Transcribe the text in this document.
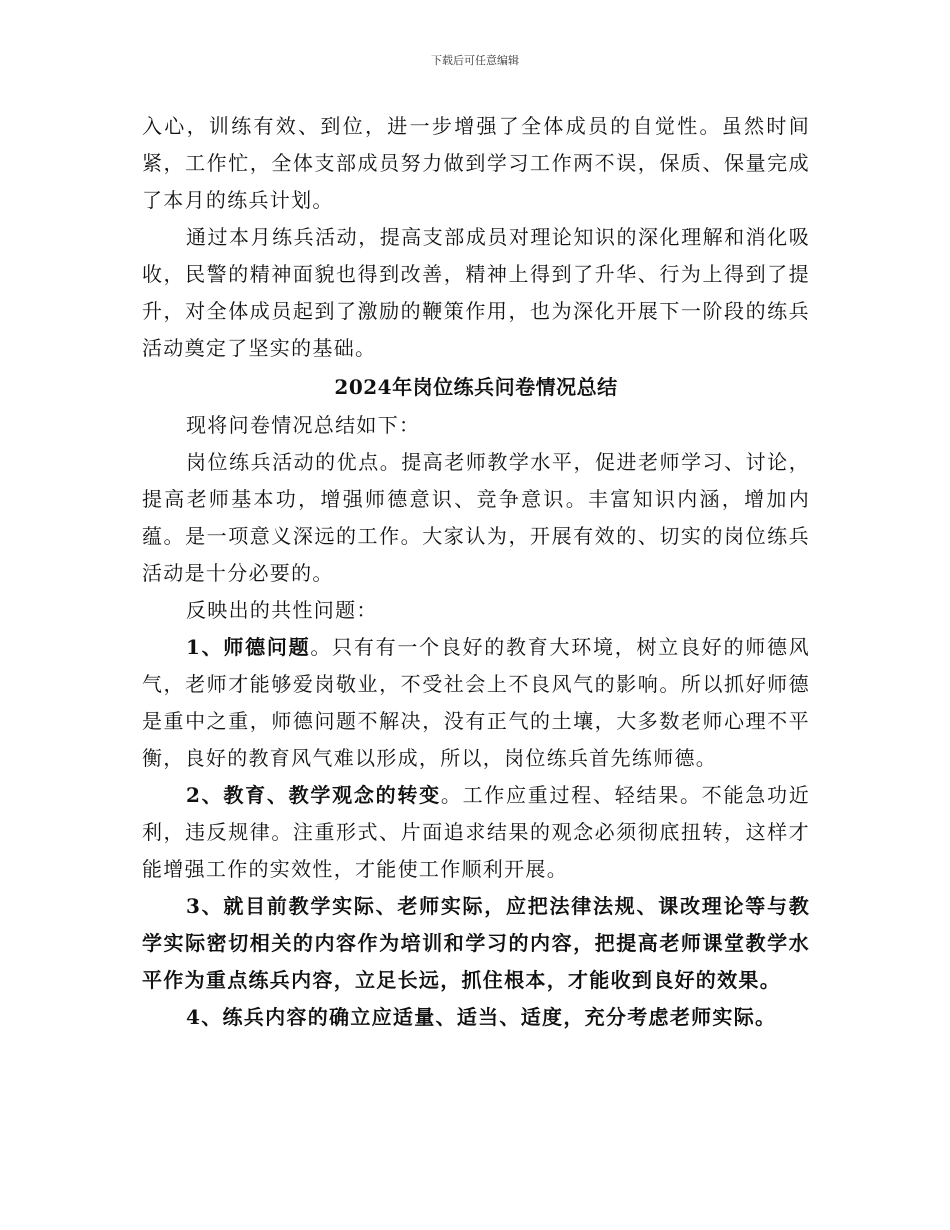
下载后可任意编辑

入心，训练有效、到位，进一步增强了全体成员的自觉性。虽然时间紧，工作忙，全体支部成员努力做到学习工作两不误，保质、保量完成了本月的练兵计划。

通过本月练兵活动，提高支部成员对理论知识的深化理解和消化吸收，民警的精神面貌也得到改善，精神上得到了升华、行为上得到了提升，对全体成员起到了激励的鞭策作用，也为深化开展下一阶段的练兵活动奠定了坚实的基础。

2024年岗位练兵问卷情况总结

现将问卷情况总结如下：

岗位练兵活动的优点。提高老师教学水平，促进老师学习、讨论，提高老师基本功，增强师德意识、竞争意识。丰富知识内涵，增加内蕴。是一项意义深远的工作。大家认为，开展有效的、切实的岗位练兵活动是十分必要的。

反映出的共性问题：

1、师德问题。只有有一个良好的教育大环境，树立良好的师德风气，老师才能够爱岗敬业，不受社会上不良风气的影响。所以抓好师德是重中之重，师德问题不解决，没有正气的土壤，大多数老师心理不平衡，良好的教育风气难以形成，所以，岗位练兵首先练师德。

2、教育、教学观念的转变。工作应重过程、轻结果。不能急功近利，违反规律。注重形式、片面追求结果的观念必须彻底扭转，这样才能增强工作的实效性，才能使工作顺利开展。

3、就目前教学实际、老师实际，应把法律法规、课改理论等与教学实际密切相关的内容作为培训和学习的内容，把提高老师课堂教学水平作为重点练兵内容，立足长远，抓住根本，才能收到良好的效果。

4、练兵内容的确立应适量、适当、适度，充分考虑老师实际。
